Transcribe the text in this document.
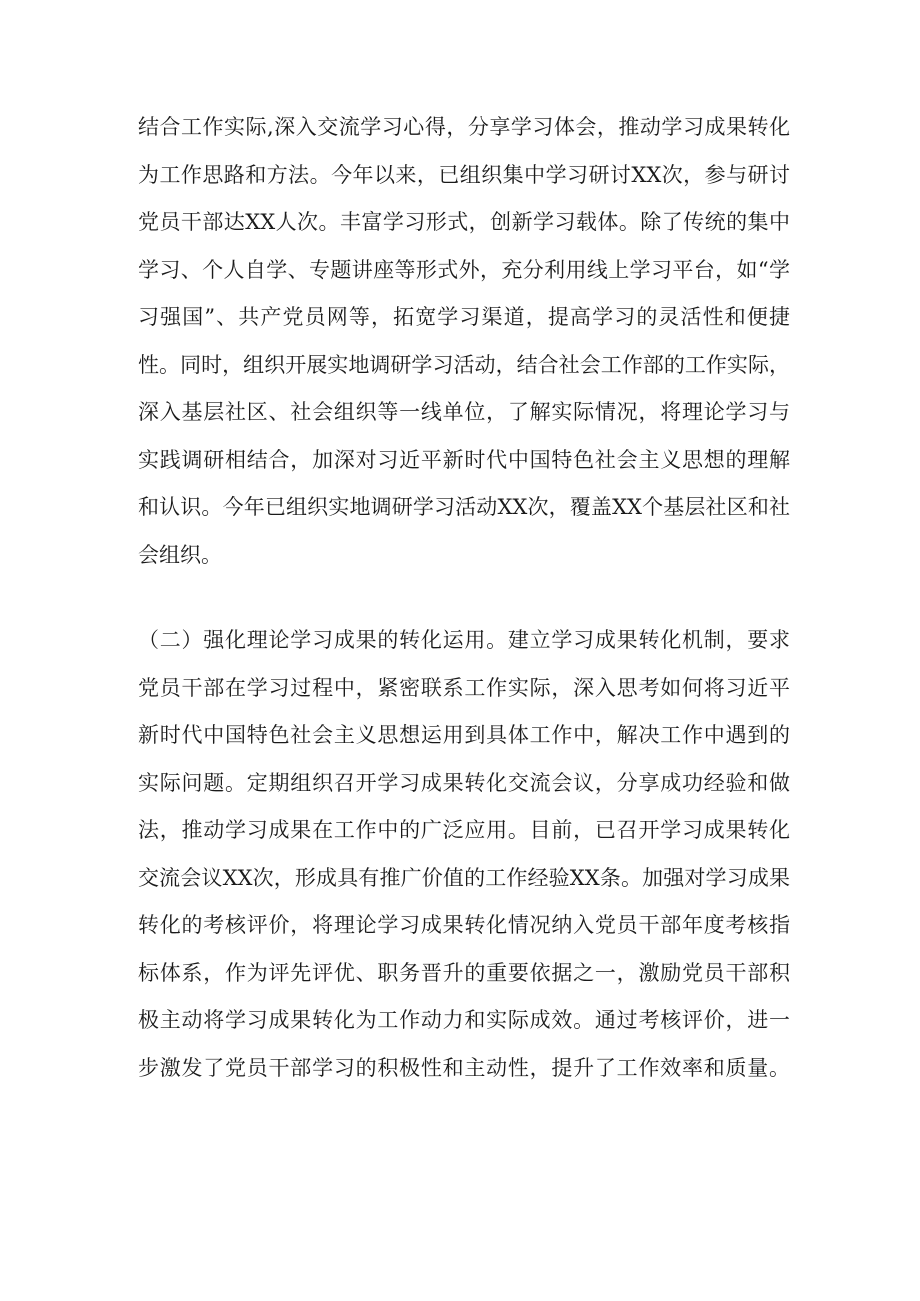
结合工作实际,深入交流学习心得，分享学习体会，推动学习成果转化
为工作思路和方法。今年以来，已组织集中学习研讨XX次，参与研讨
党员干部达XX人次。丰富学习形式，创新学习载体。除了传统的集中
学习、个人自学、专题讲座等形式外，充分利用线上学习平台，如“学
习强国”、共产党员网等，拓宽学习渠道，提高学习的灵活性和便捷
性。同时，组织开展实地调研学习活动，结合社会工作部的工作实际，
深入基层社区、社会组织等一线单位，了解实际情况，将理论学习与
实践调研相结合，加深对习近平新时代中国特色社会主义思想的理解
和认识。今年已组织实地调研学习活动XX次，覆盖XX个基层社区和社
会组织。

（二）强化理论学习成果的转化运用。建立学习成果转化机制，要求
党员干部在学习过程中，紧密联系工作实际，深入思考如何将习近平
新时代中国特色社会主义思想运用到具体工作中，解决工作中遇到的
实际问题。定期组织召开学习成果转化交流会议，分享成功经验和做
法，推动学习成果在工作中的广泛应用。目前，已召开学习成果转化
交流会议XX次，形成具有推广价值的工作经验XX条。加强对学习成果
转化的考核评价，将理论学习成果转化情况纳入党员干部年度考核指
标体系，作为评先评优、职务晋升的重要依据之一，激励党员干部积
极主动将学习成果转化为工作动力和实际成效。通过考核评价，进一
步激发了党员干部学习的积极性和主动性，提升了工作效率和质量。
